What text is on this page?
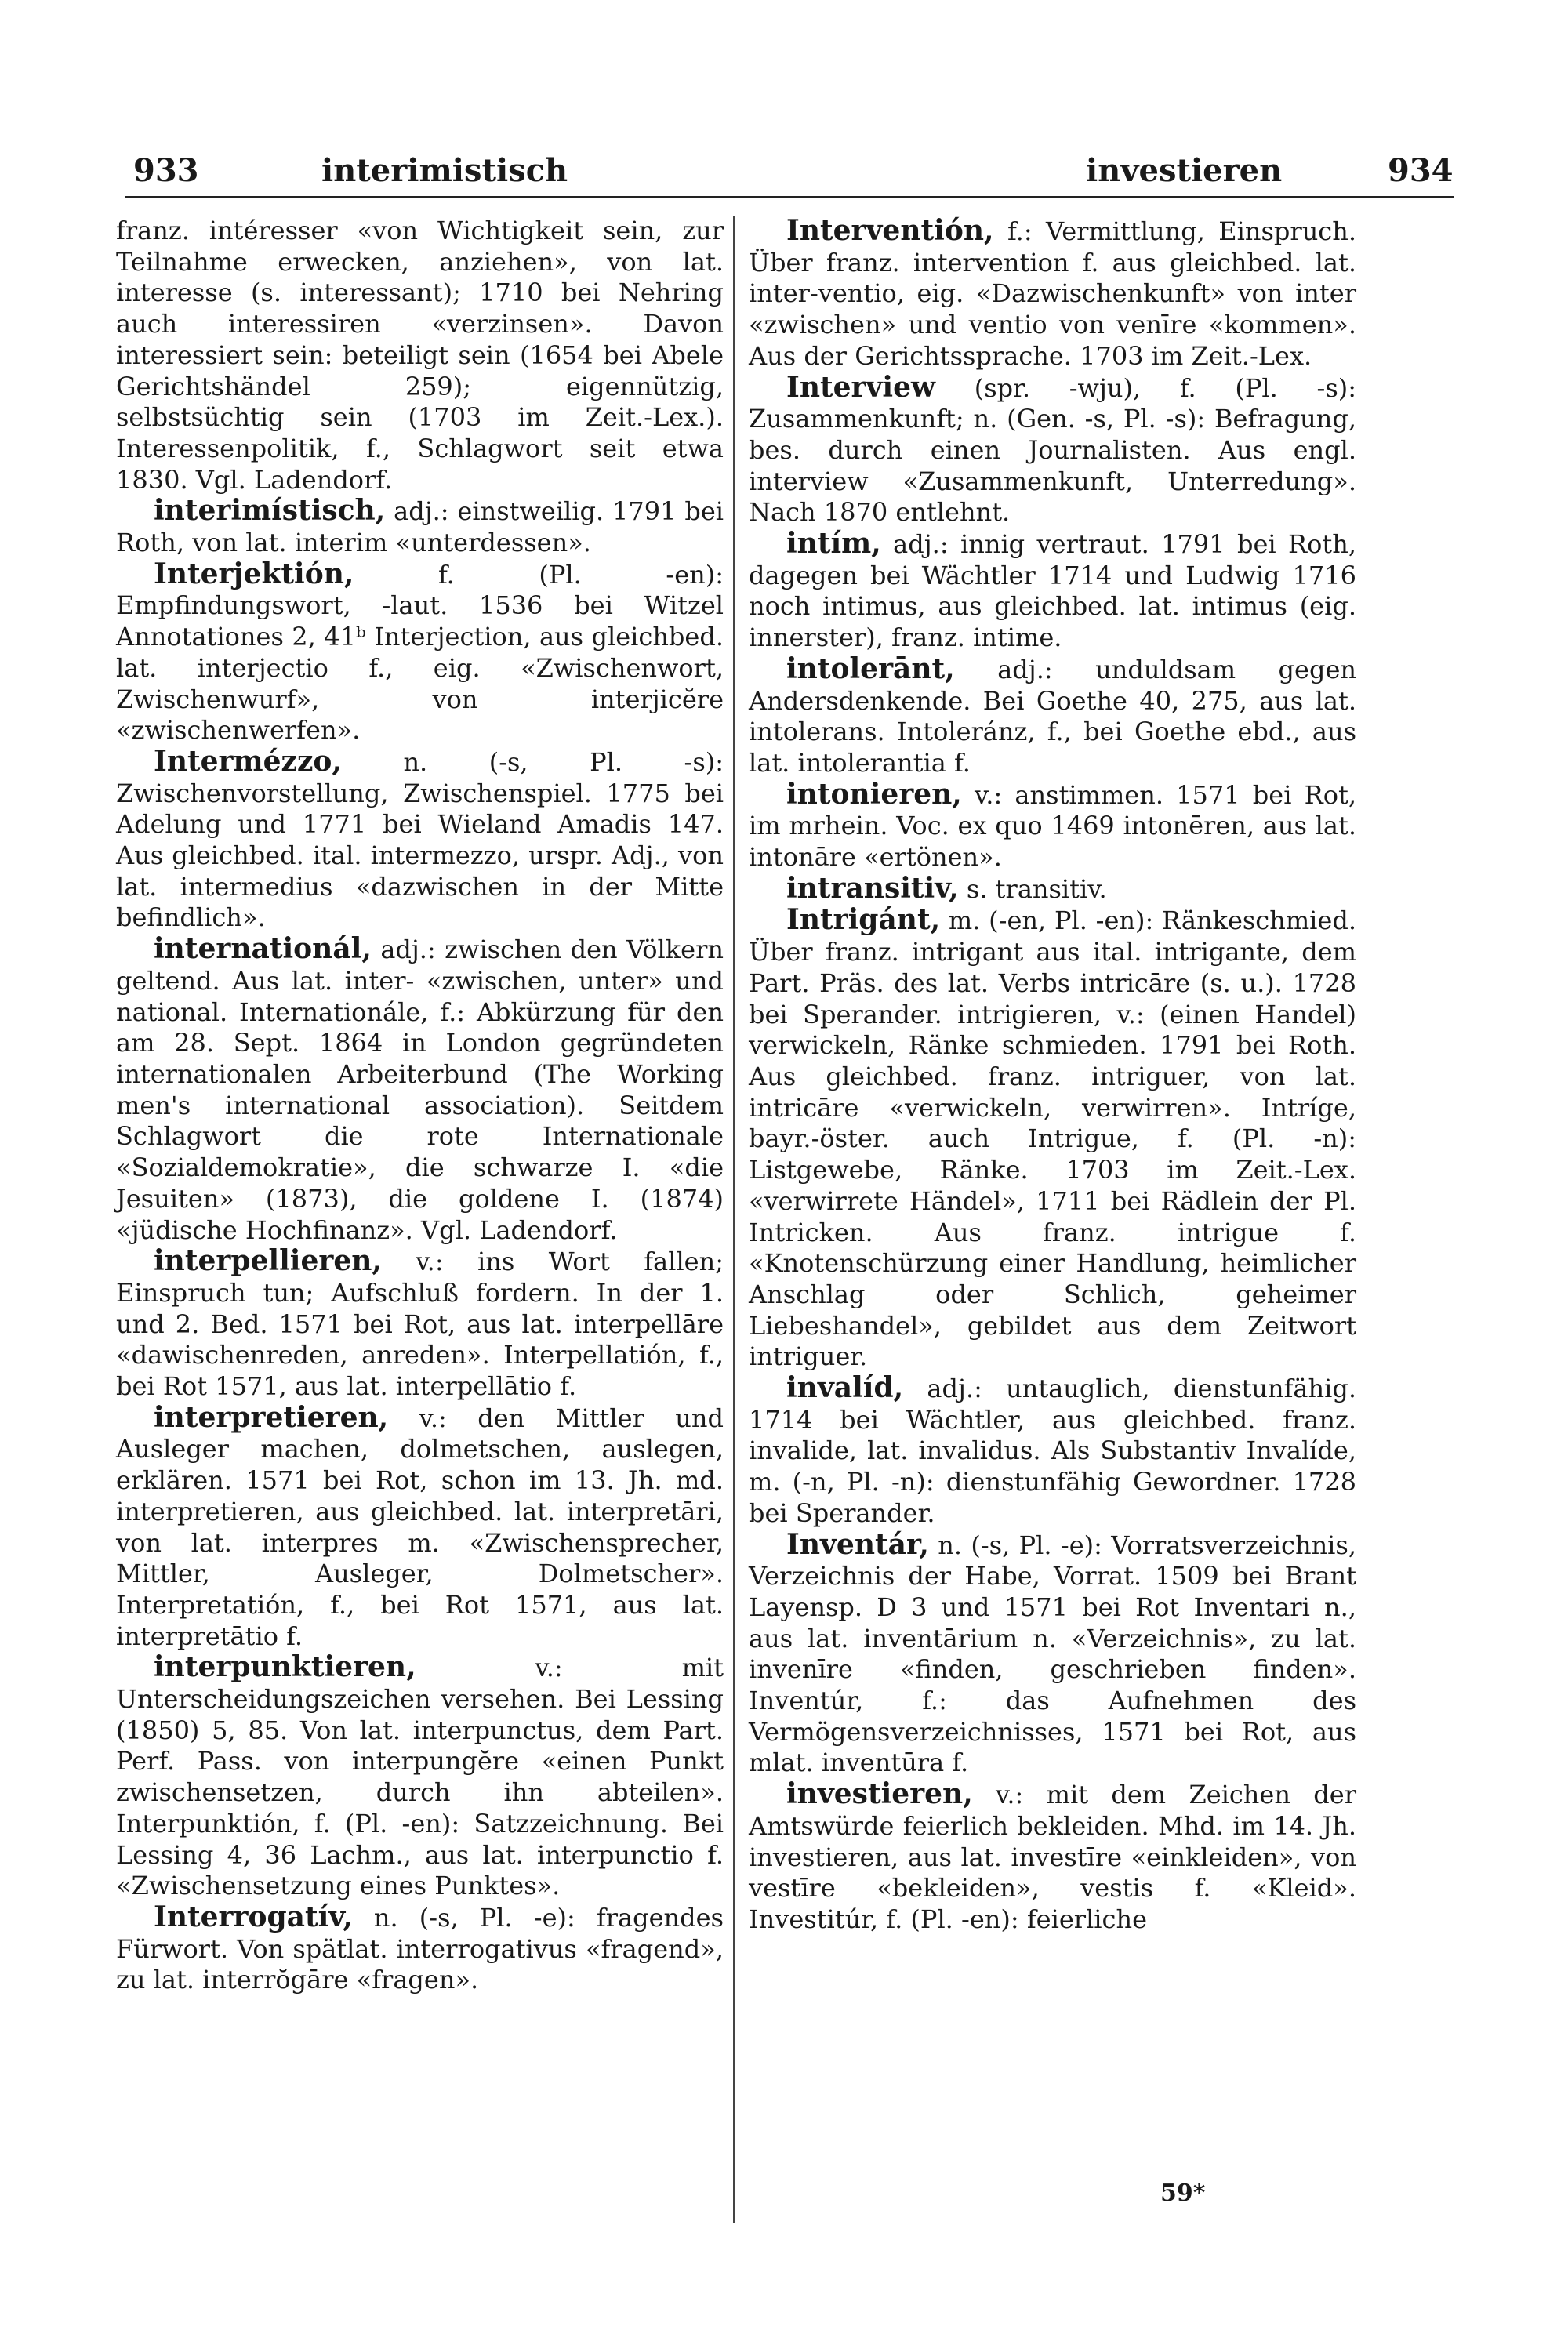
933	interimistisch	investieren	934

franz. intéresser «von Wichtigkeit sein, zur Teilnahme erwecken, anziehen», von lat. interesse (s. interessant); 1710 bei Nehring auch interessiren «verzinsen». Davon interessiert sein: beteiligt sein (1654 bei Abele Gerichtshändel 259); eigennützig, selbstsüchtig sein (1703 im Zeit.-Lex.). Interessenpolitik, f., Schlagwort seit etwa 1830. Vgl. Ladendorf.

interimístisch, adj.: einstweilig. 1791 bei Roth, von lat. interim «unterdessen».

Interjektión, f. (Pl. -en): Empfindungswort, -laut. 1536 bei Witzel Annotationes 2, 41ᵇ Interjection, aus gleichbed. lat. interjectio f., eig. «Zwischenwort, Zwischenwurf», von interjicĕre «zwischenwerfen».

Intermézzo, n. (-s, Pl. -s): Zwischenvorstellung, Zwischenspiel. 1775 bei Adelung und 1771 bei Wieland Amadis 147. Aus gleichbed. ital. intermezzo, urspr. Adj., von lat. intermedius «dazwischen in der Mitte befindlich».

internationál, adj.: zwischen den Völkern geltend. Aus lat. inter- «zwischen, unter» und national. Internationále, f.: Abkürzung für den am 28. Sept. 1864 in London gegründeten internationalen Arbeiterbund (The Working men's international association). Seitdem Schlagwort die rote Internationale «Sozialdemokratie», die schwarze I. «die Jesuiten» (1873), die goldene I. (1874) «jüdische Hochfinanz». Vgl. Ladendorf.

interpellieren, v.: ins Wort fallen; Einspruch tun; Aufschluß fordern. In der 1. und 2. Bed. 1571 bei Rot, aus lat. interpellāre «dawischenreden, anreden». Interpellatión, f., bei Rot 1571, aus lat. interpellātio f.

interpretieren, v.: den Mittler und Ausleger machen, dolmetschen, auslegen, erklären. 1571 bei Rot, schon im 13. Jh. md. interpretieren, aus gleichbed. lat. interpretāri, von lat. interpres m. «Zwischensprecher, Mittler, Ausleger, Dolmetscher». Interpretatión, f., bei Rot 1571, aus lat. interpretātio f.

interpunktieren, v.: mit Unterscheidungszeichen versehen. Bei Lessing (1850) 5, 85. Von lat. interpunctus, dem Part. Perf. Pass. von interpungĕre «einen Punkt zwischensetzen, durch ihn abteilen». Interpunktión, f. (Pl. -en): Satzzeichnung. Bei Lessing 4, 36 Lachm., aus lat. interpunctio f. «Zwischensetzung eines Punktes».

Interrogatív, n. (-s, Pl. -e): fragendes Fürwort. Von spätlat. interrogativus «fragend», zu lat. interrŏgāre «fragen».

Interventión, f.: Vermittlung, Einspruch. Über franz. intervention f. aus gleichbed. lat. inter-ventio, eig. «Dazwischenkunft» von inter «zwischen» und ventio von venīre «kommen». Aus der Gerichtssprache. 1703 im Zeit.-Lex.

Interview (spr. -wju), f. (Pl. -s): Zusammenkunft; n. (Gen. -s, Pl. -s): Befragung, bes. durch einen Journalisten. Aus engl. interview «Zusammenkunft, Unterredung». Nach 1870 entlehnt.

intím, adj.: innig vertraut. 1791 bei Roth, dagegen bei Wächtler 1714 und Ludwig 1716 noch intimus, aus gleichbed. lat. intimus (eig. innerster), franz. intime.

intolerānt, adj.: unduldsam gegen Andersdenkende. Bei Goethe 40, 275, aus lat. intolerans. Intoleránz, f., bei Goethe ebd., aus lat. intolerantia f.

intonieren, v.: anstimmen. 1571 bei Rot, im mrhein. Voc. ex quo 1469 intonēren, aus lat. intonāre «ertönen».

intransitiv, s. transitiv.

Intrigánt, m. (-en, Pl. -en): Ränkeschmied. Über franz. intrigant aus ital. intrigante, dem Part. Präs. des lat. Verbs intricāre (s. u.). 1728 bei Sperander. intrigieren, v.: (einen Handel) verwickeln, Ränke schmieden. 1791 bei Roth. Aus gleichbed. franz. intriguer, von lat. intricāre «verwickeln, verwirren». Intríge, bayr.-öster. auch Intrigue, f. (Pl. -n): Listgewebe, Ränke. 1703 im Zeit.-Lex. «verwirrete Händel», 1711 bei Rädlein der Pl. Intricken. Aus franz. intrigue f. «Knotenschürzung einer Handlung, heimlicher Anschlag oder Schlich, geheimer Liebeshandel», gebildet aus dem Zeitwort intriguer.

invalíd, adj.: untauglich, dienstunfähig. 1714 bei Wächtler, aus gleichbed. franz. invalide, lat. invalidus. Als Substantiv Invalíde, m. (-n, Pl. -n): dienstunfähig Gewordner. 1728 bei Sperander.

Inventár, n. (-s, Pl. -e): Vorratsverzeichnis, Verzeichnis der Habe, Vorrat. 1509 bei Brant Layensp. D 3 und 1571 bei Rot Inventari n., aus lat. inventārium n. «Verzeichnis», zu lat. invenīre «finden, geschrieben finden». Inventúr, f.: das Aufnehmen des Vermögensverzeichnisses, 1571 bei Rot, aus mlat. inventūra f.

investieren, v.: mit dem Zeichen der Amtswürde feierlich bekleiden. Mhd. im 14. Jh. investieren, aus lat. investīre «einkleiden», von vestīre «bekleiden», vestis f. «Kleid». Investitúr, f. (Pl. -en): feierliche

59*
